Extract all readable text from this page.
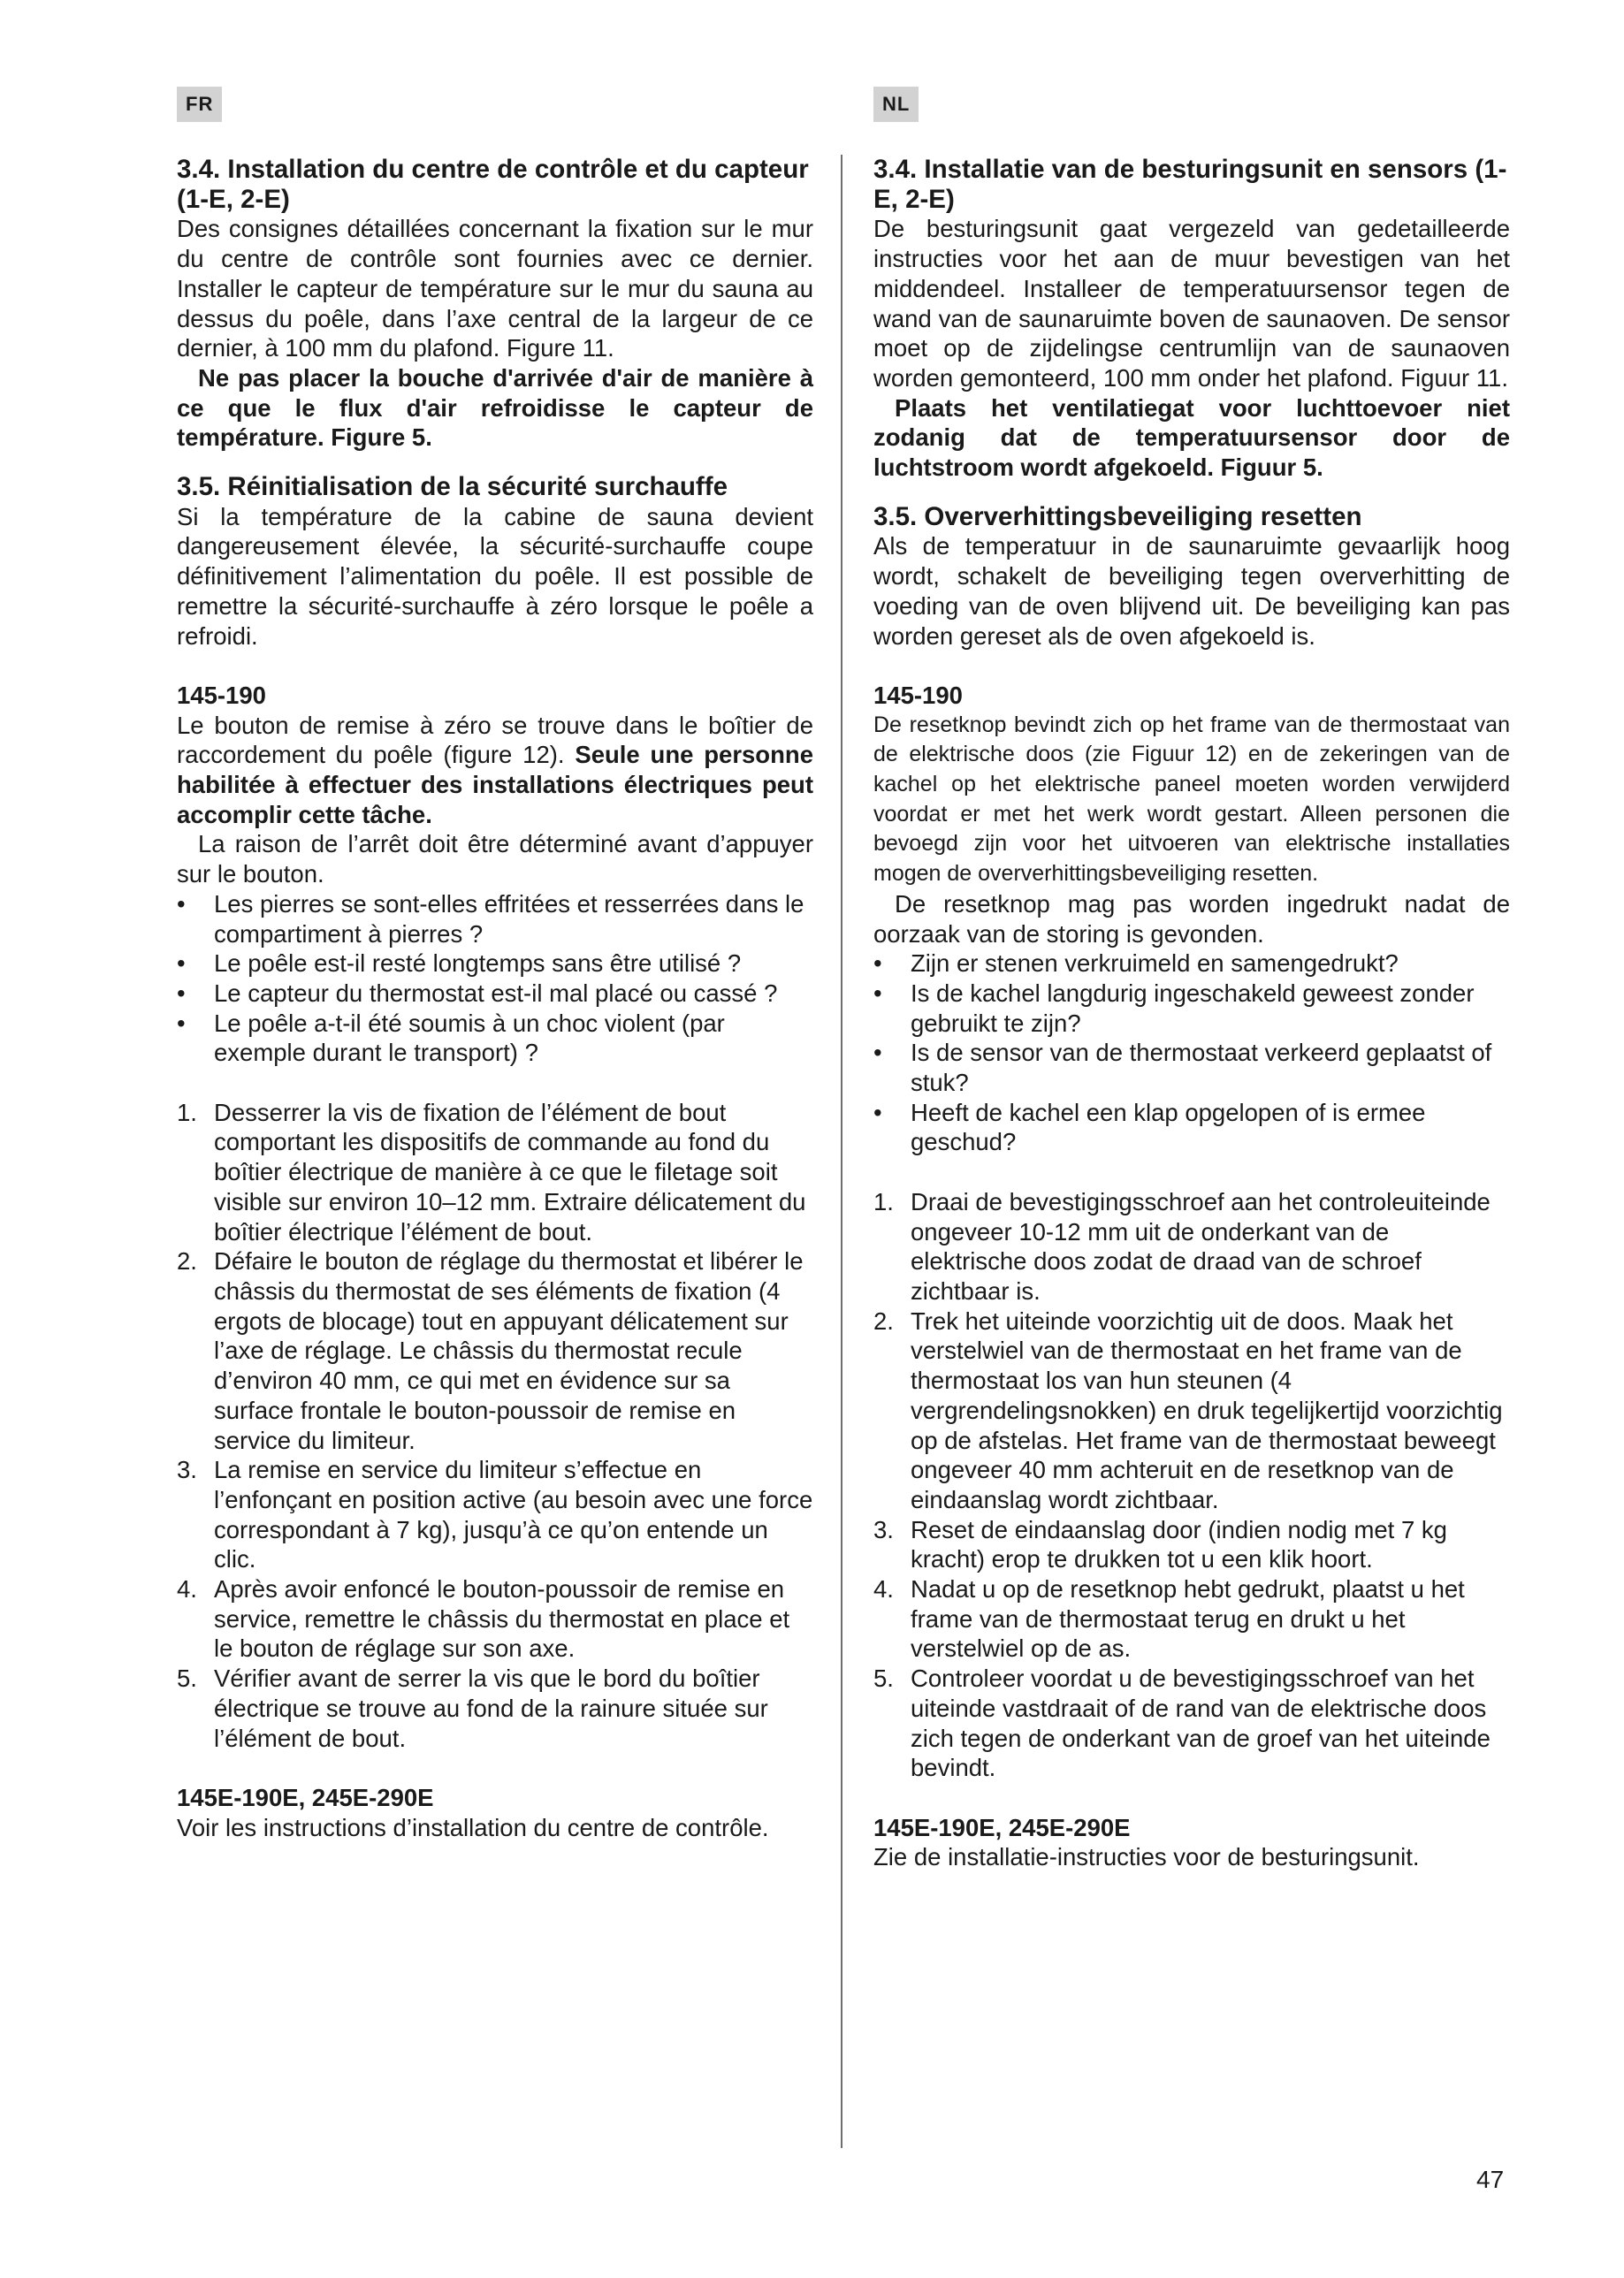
FR	NL
3.4. Installation du centre de contrôle et du capteur (1-E, 2-E)

Des consignes détaillées concernant la fixation sur le mur du centre de contrôle sont fournies avec ce dernier. Installer le capteur de température sur le mur du sauna au dessus du poêle, dans l’axe central de la largeur de ce dernier, à 100 mm du plafond. Figure 11.

Ne pas placer la bouche d'arrivée d'air de manière à ce que le flux d'air refroidisse le capteur de température. Figure 5.

3.5. Réinitialisation de la sécurité surchauffe

Si la température de la cabine de sauna devient dangereusement élevée, la sécurité-surchauffe coupe définitivement l’alimentation du poêle. Il est possible de remettre la sécurité-surchauffe à zéro lorsque le poêle a refroidi.

145-190

Le bouton de remise à zéro se trouve dans le boîtier de raccordement du poêle (figure 12). Seule une personne habilitée à effectuer des installations électriques peut accomplir cette tâche.

La raison de l’arrêt doit être déterminé avant d’appuyer sur le bouton.

• Les pierres se sont-elles effritées et resserrées dans le compartiment à pierres ?
• Le poêle est-il resté longtemps sans être utilisé ?
• Le capteur du thermostat est-il mal placé ou cassé ?
• Le poêle a-t-il été soumis à un choc violent (par exemple durant le transport) ?
1. Desserrer la vis de fixation de l’élément de bout comportant les dispositifs de commande au fond du boîtier électrique de manière à ce que le filetage soit visible sur environ 10–12 mm. Extraire délicatement du boîtier électrique l’élément de bout.
2. Défaire le bouton de réglage du thermostat et libérer le châssis du thermostat de ses éléments de fixation (4 ergots de blocage) tout en appuyant délicatement sur l’axe de réglage. Le châssis du thermostat recule d’environ 40 mm, ce qui met en évidence sur sa surface frontale le bouton-poussoir de remise en service du limiteur.
3. La remise en service du limiteur s’effectue en l’enfonçant en position active (au besoin avec une force correspondant à 7 kg), jusqu’à ce qu’on entende un clic.
4. Après avoir enfoncé le bouton-poussoir de remise en service, remettre le châssis du thermostat en place et le bouton de réglage sur son axe.
5. Vérifier avant de serrer la vis que le bord du boîtier électrique se trouve au fond de la rainure située sur l’élément de bout.
145E-190E, 245E-290E

Voir les instructions d’installation du centre de contrôle.

3.4. Installatie van de besturingsunit en sensors (1-E, 2-E)

De besturingsunit gaat vergezeld van gedetailleerde instructies voor het aan de muur bevestigen van het middendeel. Installeer de temperatuursensor tegen de wand van de saunaruimte boven de saunaoven. De sensor moet op de zijdelingse centrumlijn van de saunaoven worden gemonteerd, 100 mm onder het plafond. Figuur 11.

Plaats het ventilatiegat voor luchttoevoer niet zodanig dat de temperatuursensor door de luchtstroom wordt afgekoeld. Figuur 5.

3.5. Oververhittingsbeveiliging resetten

Als de temperatuur in de saunaruimte gevaarlijk hoog wordt, schakelt de beveiliging tegen oververhitting de voeding van de oven blijvend uit. De beveiliging kan pas worden gereset als de oven afgekoeld is.

145-190

De resetknop bevindt zich op het frame van de thermostaat van de elektrische doos (zie Figuur 12) en de zekeringen van de kachel op het elektrische paneel moeten worden verwijderd voordat er met het werk wordt gestart. Alleen personen die bevoegd zijn voor het uitvoeren van elektrische installaties mogen de oververhittingsbeveiliging resetten.

De resetknop mag pas worden ingedrukt nadat de oorzaak van de storing is gevonden.

• Zijn er stenen verkruimeld en samengedrukt?
• Is de kachel langdurig ingeschakeld geweest zonder gebruikt te zijn?
• Is de sensor van de thermostaat verkeerd geplaatst of stuk?
• Heeft de kachel een klap opgelopen of is ermee geschud?
1. Draai de bevestigingsschroef aan het controleuiteinde ongeveer 10-12 mm uit de onderkant van de elektrische doos zodat de draad van de schroef zichtbaar is.
2. Trek het uiteinde voorzichtig uit de doos. Maak het verstelwiel van de thermostaat en het frame van de thermostaat los van hun steunen (4 vergrendelingsnokken) en druk tegelijkertijd voorzichtig op de afstelas. Het frame van de thermostaat beweegt ongeveer 40 mm achteruit en de resetknop van de eindaanslag wordt zichtbaar.
3. Reset de eindaanslag door (indien nodig met 7 kg kracht) erop te drukken tot u een klik hoort.
4. Nadat u op de resetknop hebt gedrukt, plaatst u het frame van de thermostaat terug en drukt u het verstelwiel op de as.
5. Controleer voordat u de bevestigingsschroef van het uiteinde vastdraait of de rand van de elektrische doos zich tegen de onderkant van de groef van het uiteinde bevindt.
145E-190E, 245E-290E

Zie de installatie-instructies voor de besturingsunit.

47
